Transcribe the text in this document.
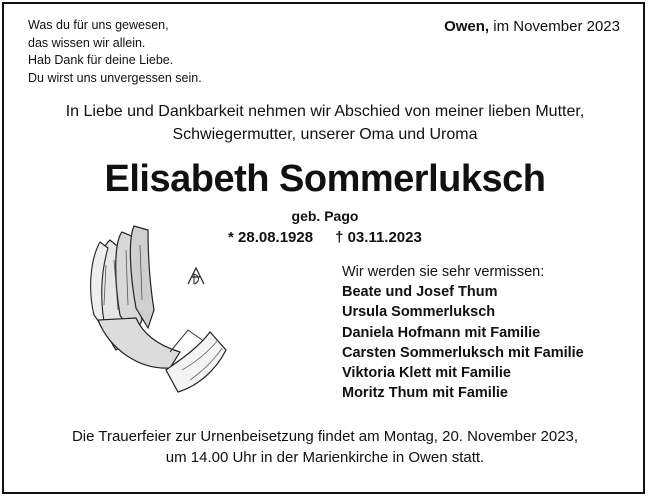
Was du für uns gewesen,
das wissen wir allein.
Hab Dank für deine Liebe.
Du wirst uns unvergessen sein.
Owen, im November 2023
In Liebe und Dankbarkeit nehmen wir Abschied von meiner lieben Mutter,
Schwiegermutter, unserer Oma und Uroma
Elisabeth Sommerluksch
geb. Pago
* 28.08.1928 † 03.11.2023
Wir werden sie sehr vermissen:
Beate und Josef Thum
Ursula Sommerluksch
Daniela Hofmann mit Familie
Carsten Sommerluksch mit Familie
Viktoria Klett mit Familie
Moritz Thum mit Familie
Die Trauerfeier zur Urnenbeisetzung findet am Montag, 20. November 2023,
um 14.00 Uhr in der Marienkirche in Owen statt.
